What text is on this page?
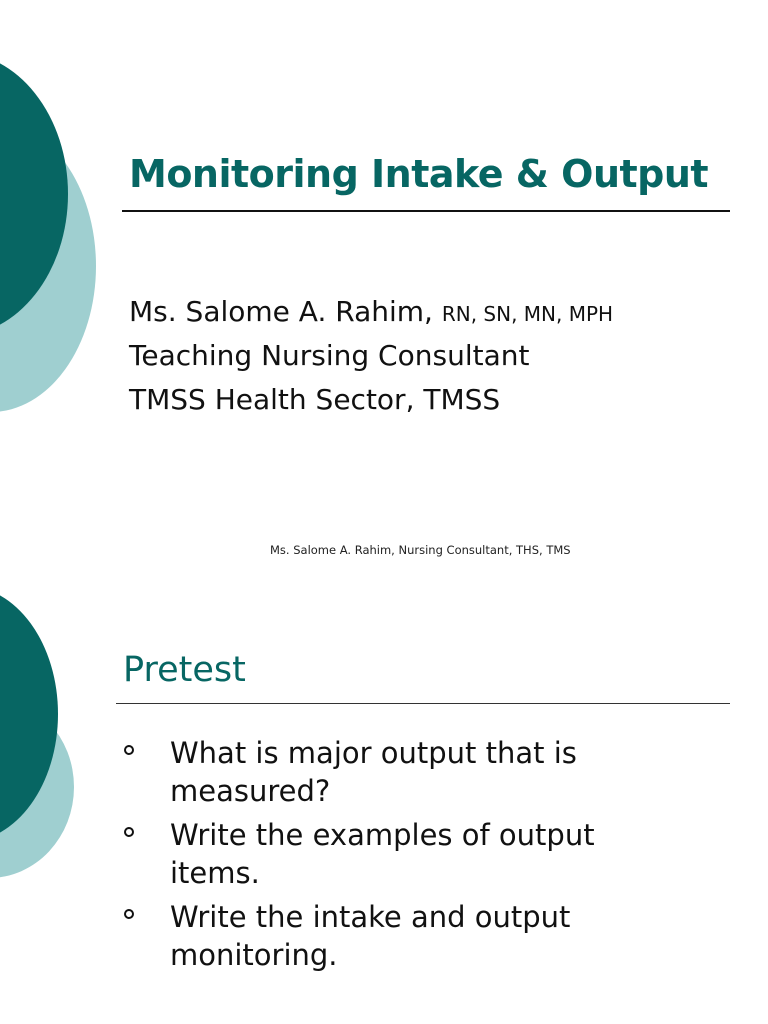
Monitoring Intake & Output
Ms. Salome A. Rahim, RN, SN, MN, MPH
Teaching Nursing Consultant
TMSS Health Sector, TMSS
Ms. Salome A. Rahim, Nursing Consultant, THS, TMS
Pretest
What is major output that is measured?
Write the examples of output items.
Write the intake and output monitoring.
